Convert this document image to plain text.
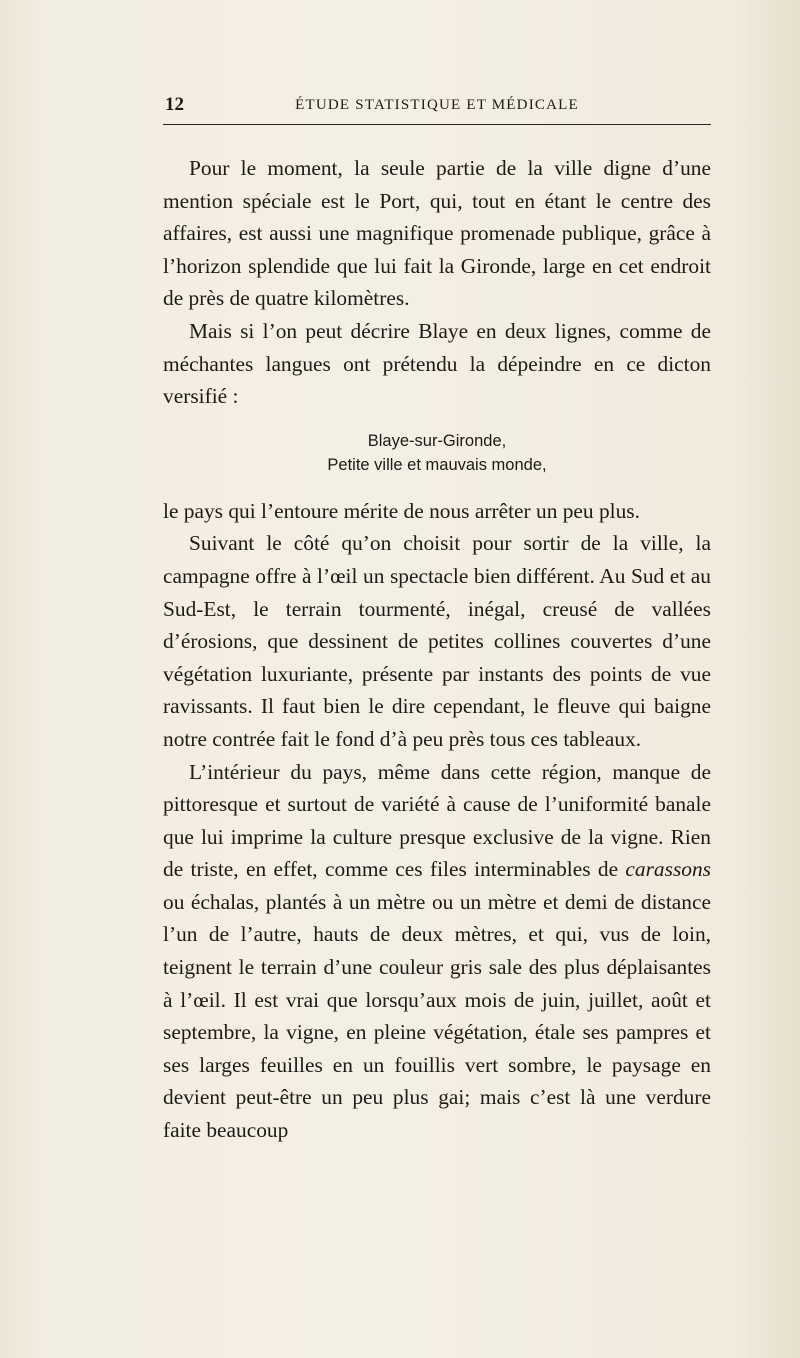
12	ÉTUDE STATISTIQUE ET MÉDICALE

Pour le moment, la seule partie de la ville digne d’une mention spéciale est le Port, qui, tout en étant le centre des affaires, est aussi une magnifique promenade publique, grâce à l’horizon splendide que lui fait la Gironde, large en cet endroit de près de quatre kilomètres.

Mais si l’on peut décrire Blaye en deux lignes, comme de méchantes langues ont prétendu la dépeindre en ce dicton versifié :

Blaye-sur-Gironde,
Petite ville et mauvais monde,

le pays qui l’entoure mérite de nous arrêter un peu plus.

Suivant le côté qu’on choisit pour sortir de la ville, la campagne offre à l’œil un spectacle bien différent. Au Sud et au Sud-Est, le terrain tourmenté, inégal, creusé de vallées d’érosions, que dessinent de petites collines couvertes d’une végétation luxuriante, présente par instants des points de vue ravissants. Il faut bien le dire cependant, le fleuve qui baigne notre contrée fait le fond d’à peu près tous ces tableaux.

L’intérieur du pays, même dans cette région, manque de pittoresque et surtout de variété à cause de l’uniformité banale que lui imprime la culture presque exclusive de la vigne. Rien de triste, en effet, comme ces files interminables de carassons ou échalas, plantés à un mètre ou un mètre et demi de distance l’un de l’autre, hauts de deux mètres, et qui, vus de loin, teignent le terrain d’une couleur gris sale des plus déplaisantes à l’œil. Il est vrai que lorsqu’aux mois de juin, juillet, août et septembre, la vigne, en pleine végétation, étale ses pampres et ses larges feuilles en un fouillis vert sombre, le paysage en devient peut-être un peu plus gai; mais c’est là une verdure faite beaucoup
